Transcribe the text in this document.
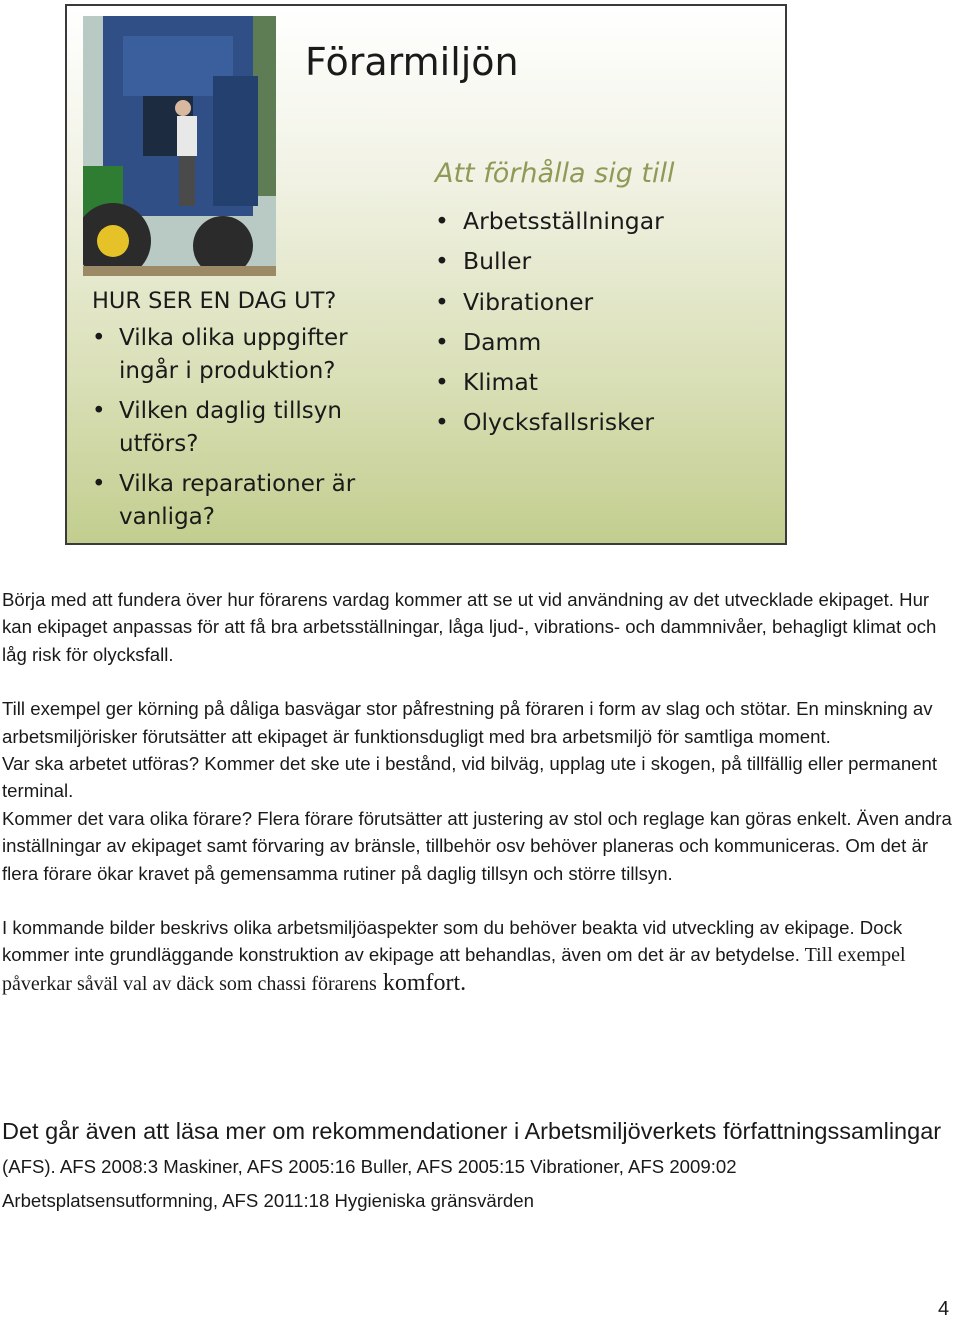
Förarmiljön
Att förhålla sig till
• Arbetsställningar
• Buller
• Vibrationer
• Damm
• Klimat
• Olycksfallsrisker
HUR SER EN DAG UT?
• Vilka olika uppgifter ingår i produktion?
• Vilken daglig tillsyn utförs?
• Vilka reparationer är vanliga?

Börja med att fundera över hur förarens vardag kommer att se ut vid användning av det utvecklade ekipaget. Hur kan ekipaget anpassas för att få bra arbetsställningar, låga ljud-, vibrations- och dammnivåer, behagligt klimat och låg risk för olycksfall.

Till exempel ger körning på dåliga basvägar stor påfrestning på föraren i form av slag och stötar. En minskning av arbetsmiljörisker förutsätter att ekipaget är funktionsdugligt med bra arbetsmiljö för samtliga moment.

Var ska arbetet utföras? Kommer det ske ute i bestånd, vid bilväg, upplag ute i skogen, på tillfällig eller permanent terminal.

Kommer det vara olika förare? Flera förare förutsätter att justering av stol och reglage kan göras enkelt. Även andra inställningar av ekipaget samt förvaring av bränsle, tillbehör osv behöver planeras och kommuniceras. Om det är flera förare ökar kravet på gemensamma rutiner på daglig tillsyn och större tillsyn.

I kommande bilder beskrivs olika arbetsmiljöaspekter som du behöver beakta vid utveckling av ekipage. Dock kommer inte grundläggande konstruktion av ekipage att behandlas, även om det är av betydelse. Till exempel påverkar såväl val av däck som chassi förarens komfort.

Det går även att läsa mer om rekommendationer i Arbetsmiljöverkets författningssamlingar (AFS). AFS 2008:3 Maskiner, AFS 2005:16 Buller, AFS 2005:15 Vibrationer, AFS 2009:02 Arbetsplatsensutformning, AFS 2011:18 Hygieniska gränsvärden

4
